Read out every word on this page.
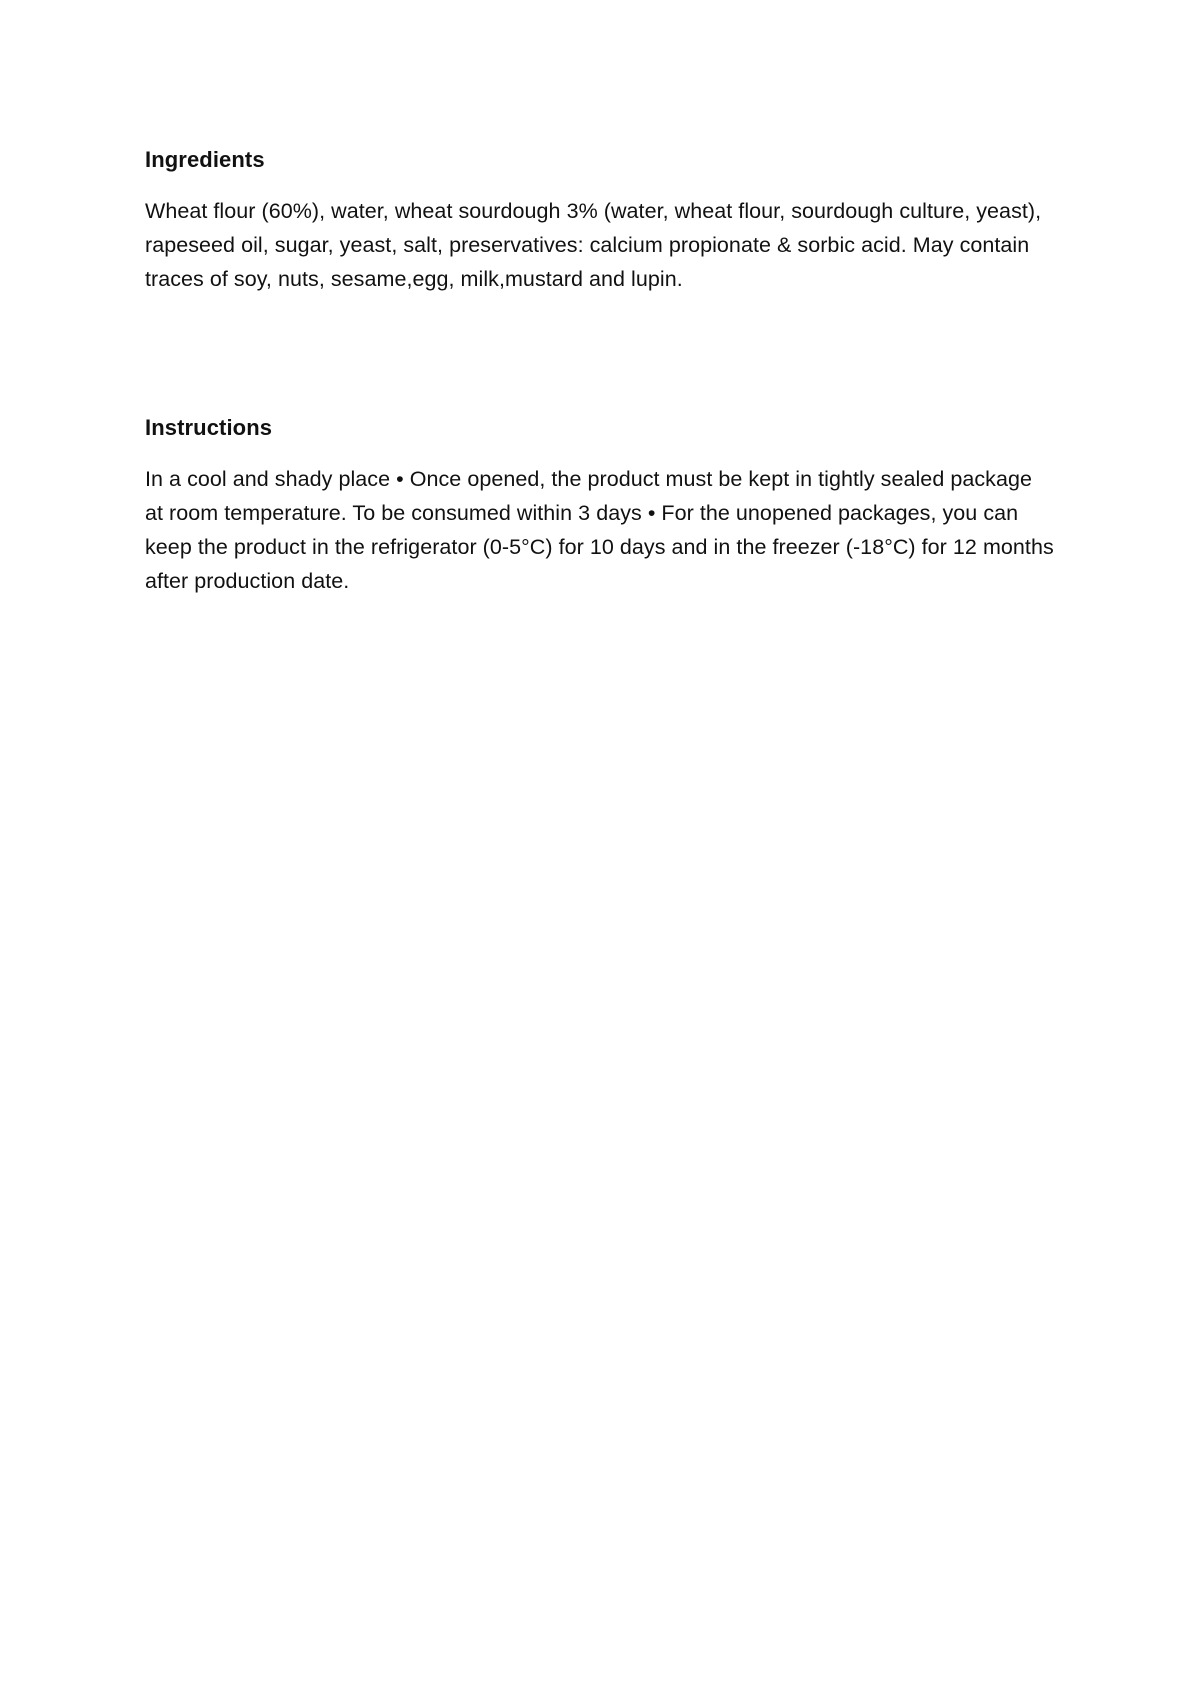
Ingredients

Wheat flour (60%), water, wheat sourdough 3% (water, wheat flour, sourdough culture, yeast), rapeseed oil, sugar, yeast, salt, preservatives: calcium propionate & sorbic acid. May contain traces of soy, nuts, sesame,egg, milk,mustard and lupin.

Instructions

In a cool and shady place • Once opened, the product must be kept in tightly sealed package at room temperature. To be consumed within 3 days • For the unopened packages, you can keep the product in the refrigerator (0-5°C) for 10 days and in the freezer (-18°C) for 12 months after production date.
